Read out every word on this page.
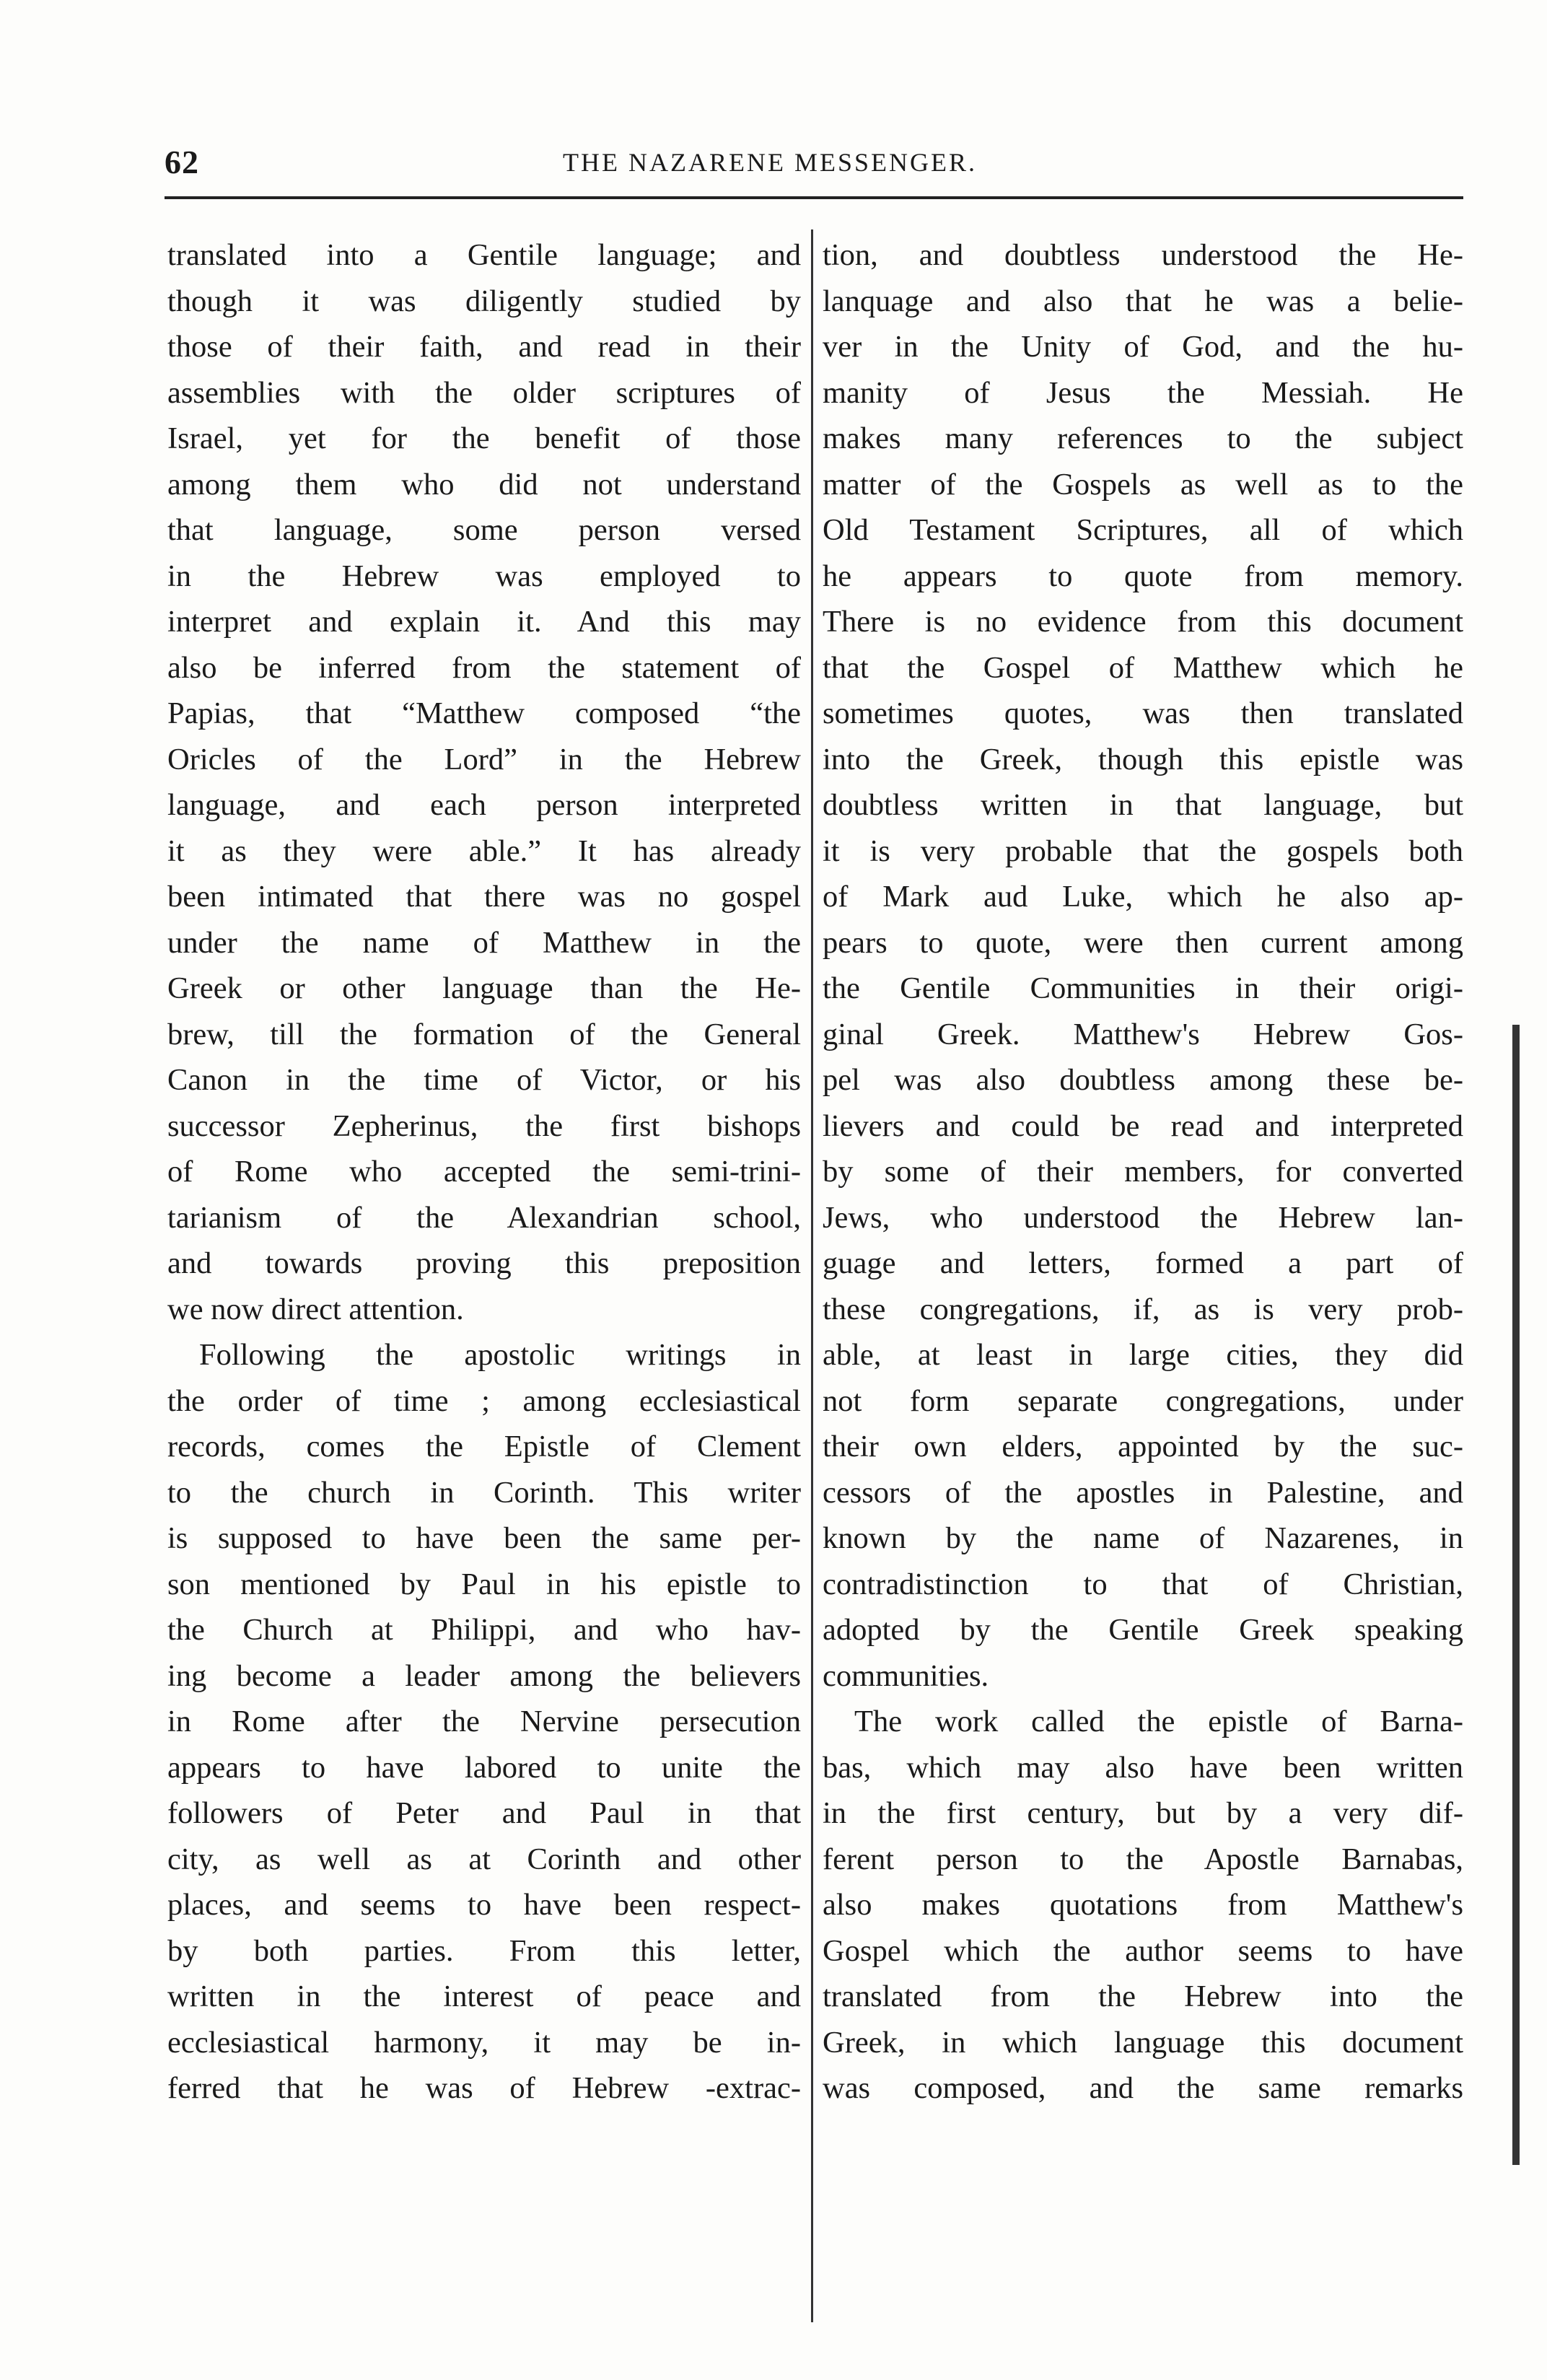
62	THE NAZARENE MESSENGER.
translated into a Gentile language; and
though it was diligently studied by
those of their faith, and read in their
assemblies with the older scriptures of
Israel, yet for the benefit of those
among them who did not understand
that language, some person versed
in the Hebrew was employed to
interpret and explain it. And this may
also be inferred from the statement of
Papias, that “Matthew composed “the
Oricles of the Lord” in the Hebrew
language, and each person interpreted
it as they were able.” It has already
been intimated that there was no gospel
under the name of Matthew in the
Greek or other language than the He-
brew, till the formation of the General
Canon in the time of Victor, or his
successor Zepherinus, the first bishops
of Rome who accepted the semi-trini-
tarianism of the Alexandrian school,
and towards proving this preposition
we now direct attention.
Following the apostolic writings in
the order of time ; among ecclesiastical
records, comes the Epistle of Clement
to the church in Corinth. This writer
is supposed to have been the same per-
son mentioned by Paul in his epistle to
the Church at Philippi, and who hav-
ing become a leader among the believers
in Rome after the Nervine persecution
appears to have labored to unite the
followers of Peter and Paul in that
city, as well as at Corinth and other
places, and seems to have been respect-
by both parties. From this letter,
written in the interest of peace and
ecclesiastical harmony, it may be in-
ferred that he was of Hebrew -extrac-
tion, and doubtless understood the He-
lanquage and also that he was a belie-
ver in the Unity of God, and the hu-
manity of Jesus the Messiah. He
makes many references to the subject
matter of the Gospels as well as to the
Old Testament Scriptures, all of which
he appears to quote from memory.
There is no evidence from this document
that the Gospel of Matthew which he
sometimes quotes, was then translated
into the Greek, though this epistle was
doubtless written in that language, but
it is very probable that the gospels both
of Mark aud Luke, which he also ap-
pears to quote, were then current among
the Gentile Communities in their origi-
ginal Greek. Matthew's Hebrew Gos-
pel was also doubtless among these be-
lievers and could be read and interpreted
by some of their members, for converted
Jews, who understood the Hebrew lan-
guage and letters, formed a part of
these congregations, if, as is very prob-
able, at least in large cities, they did
not form separate congregations, under
their own elders, appointed by the suc-
cessors of the apostles in Palestine, and
known by the name of Nazarenes, in
contradistinction to that of Christian,
adopted by the Gentile Greek speaking
communities.
The work called the epistle of Barna-
bas, which may also have been written
in the first century, but by a very dif-
ferent person to the Apostle Barnabas,
also makes quotations from Matthew's
Gospel which the author seems to have
translated from the Hebrew into the
Greek, in which language this document
was composed, and the same remarks
